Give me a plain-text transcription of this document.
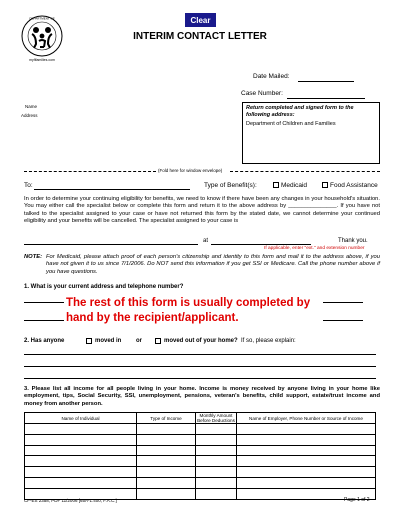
Clear
DEPARTMENT OF
myflfamilies.com
INTERIM CONTACT LETTER
Date Mailed:
Case Number:
Name
Address
Return completed and signed form to the following address:
Department of Children and Families
(Fold here for window envelope)
To:	Type of Benefit(s):	Medicaid	Food Assistance
In order to determine your continuing eligibility for benefits, we need to know if there have been any changes in your household's situation. You may either call the specialist below or complete this form and return it to the above address by _______________. If you have not talked to the specialist assigned to your case or have not returned this form by the stated date, we cannot determine your continued eligibility and your benefits will be cancelled. The specialist assigned to your case is
at	Thank you.
If applicable, enter "ext." and extension number
NOTE: For Medicaid, please attach proof of each person's citizenship and identity to this form and mail it to the address above, if you have not given it to us since 7/1/2006. Do NOT send this information if you get SSI or Medicare. Call the phone number above if you have questions.
1. What is your current address and telephone number?
The rest of this form is usually completed by
hand by the recipient/applicant.
2. Has anyone	moved in or	moved out of your home? If so, please explain:
3. Please list all income for all people living in your home. Income is money received by anyone living in your home like employment, tips, Social Security, SSI, unemployment, pensions, veteran's benefits, child support, estate/trust income and money from another person.
Name of Individual	Type of Income	Monthly Amount Before Deductions	Name of Employer, Phone Number or Source of Income

CF-ES 2358, PDF 11/2006 [65A-1.400, F.A.C.]	Page 1 of 2
